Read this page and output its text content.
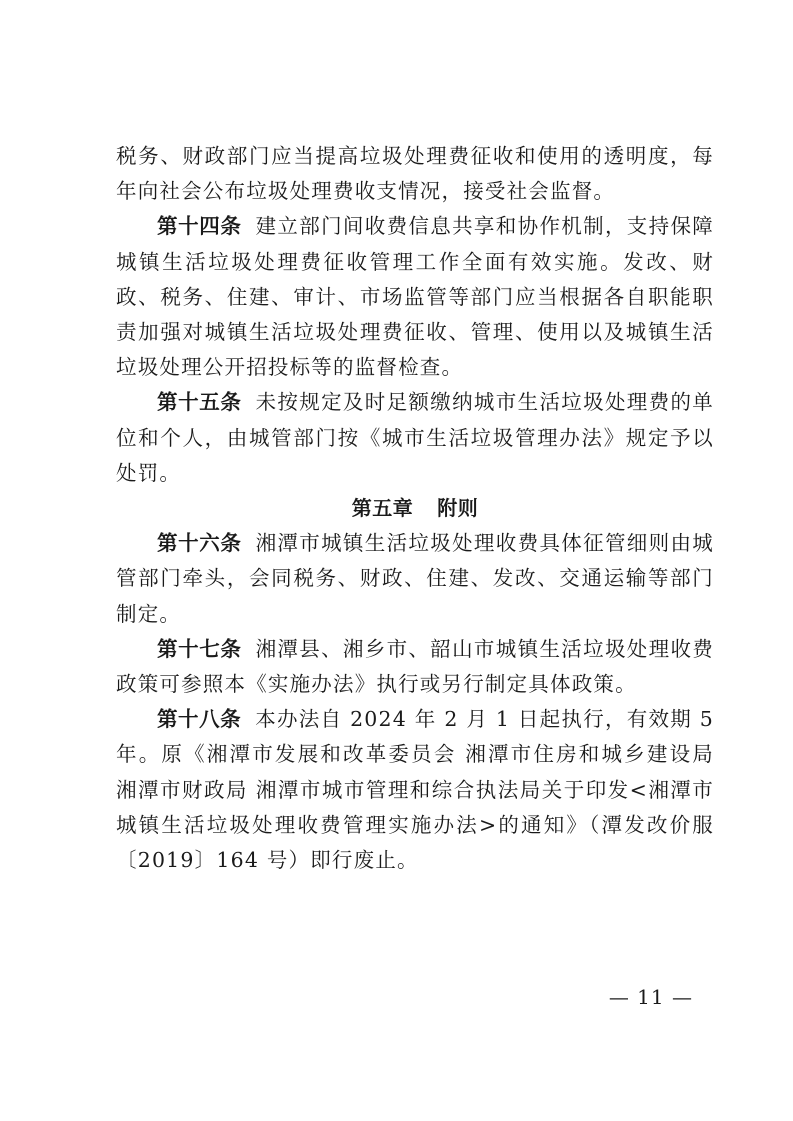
税务、财政部门应当提高垃圾处理费征收和使用的透明度，每年向社会公布垃圾处理费收支情况，接受社会监督。

第十四条 建立部门间收费信息共享和协作机制，支持保障城镇生活垃圾处理费征收管理工作全面有效实施。发改、财政、税务、住建、审计、市场监管等部门应当根据各自职能职责加强对城镇生活垃圾处理费征收、管理、使用以及城镇生活垃圾处理公开招投标等的监督检查。

第十五条 未按规定及时足额缴纳城市生活垃圾处理费的单位和个人，由城管部门按《城市生活垃圾管理办法》规定予以处罚。

第五章 附则

第十六条 湘潭市城镇生活垃圾处理收费具体征管细则由城管部门牵头，会同税务、财政、住建、发改、交通运输等部门制定。

第十七条 湘潭县、湘乡市、韶山市城镇生活垃圾处理收费政策可参照本《实施办法》执行或另行制定具体政策。

第十八条 本办法自 2024 年 2 月 1 日起执行，有效期 5 年。原《湘潭市发展和改革委员会 湘潭市住房和城乡建设局 湘潭市财政局 湘潭市城市管理和综合执法局关于印发<湘潭市城镇生活垃圾处理收费管理实施办法>的通知》（潭发改价服〔2019〕164 号）即行废止。

— 11 —
